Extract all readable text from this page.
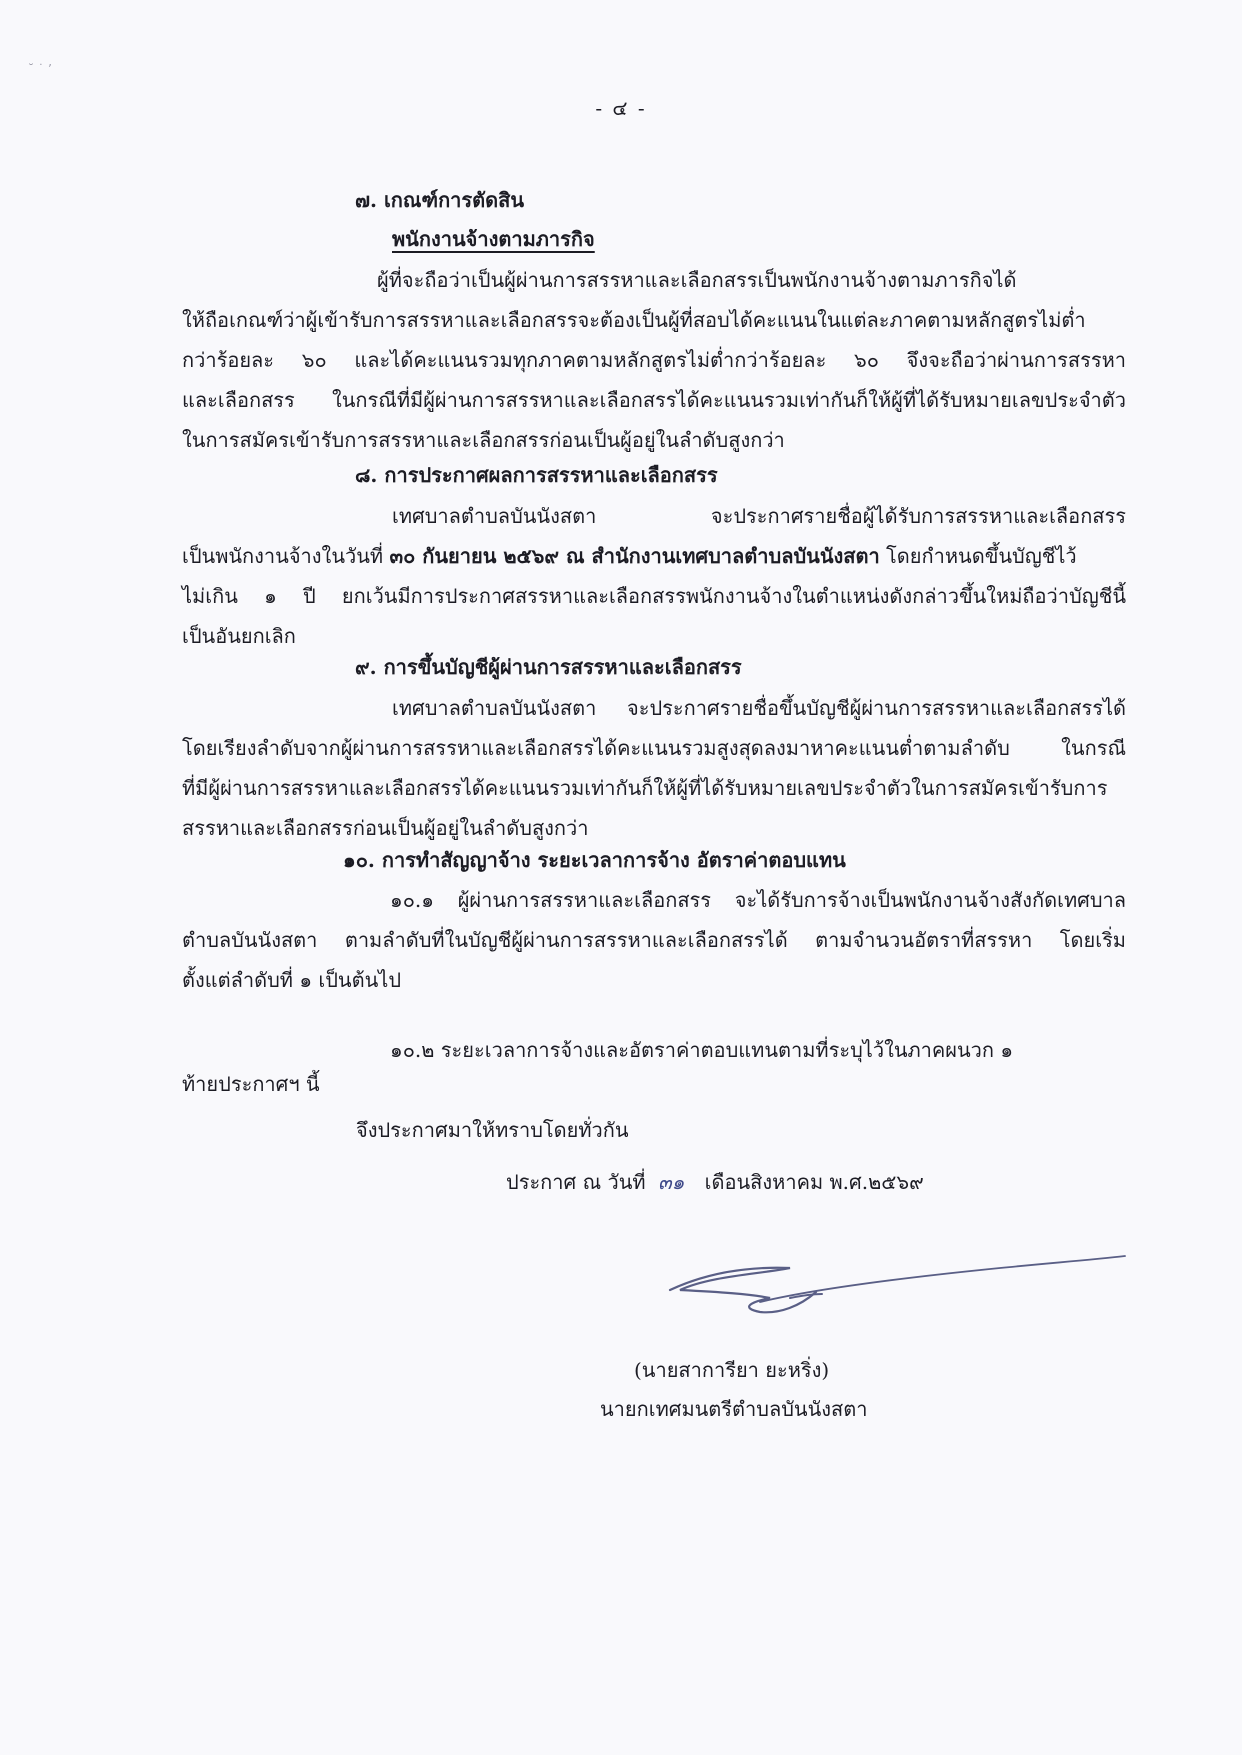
˘ ˙ ʼ
- ๔ -
๗. เกณฑ์การตัดสิน
พนักงานจ้างตามภารกิจ
ผู้ที่จะถือว่าเป็นผู้ผ่านการสรรหาและเลือกสรรเป็นพนักงานจ้างตามภารกิจได้
ให้ถือเกณฑ์ว่าผู้เข้ารับการสรรหาและเลือกสรรจะต้องเป็นผู้ที่สอบได้คะแนนในแต่ละภาคตามหลักสูตรไม่ต่ำ
กว่าร้อยละ ๖๐ และได้คะแนนรวมทุกภาคตามหลักสูตรไม่ต่ำกว่าร้อยละ ๖๐ จึงจะถือว่าผ่านการสรรหา
และเลือกสรร ในกรณีที่มีผู้ผ่านการสรรหาและเลือกสรรได้คะแนนรวมเท่ากันก็ให้ผู้ที่ได้รับหมายเลขประจำตัว
ในการสมัครเข้ารับการสรรหาและเลือกสรรก่อนเป็นผู้อยู่ในลำดับสูงกว่า
๘. การประกาศผลการสรรหาและเลือกสรร
เทศบาลตำบลบันนังสตา จะประกาศรายชื่อผู้ได้รับการสรรหาและเลือกสรร
เป็นพนักงานจ้างในวันที่ ๓๐ กันยายน ๒๕๖๙ ณ สำนักงานเทศบาลตำบลบันนังสตา โดยกำหนดขึ้นบัญชีไว้
ไม่เกิน ๑ ปี ยกเว้นมีการประกาศสรรหาและเลือกสรรพนักงานจ้างในตำแหน่งดังกล่าวขึ้นใหม่ถือว่าบัญชีนี้
เป็นอันยกเลิก
๙. การขึ้นบัญชีผู้ผ่านการสรรหาและเลือกสรร
เทศบาลตำบลบันนังสตา จะประกาศรายชื่อขึ้นบัญชีผู้ผ่านการสรรหาและเลือกสรรได้
โดยเรียงลำดับจากผู้ผ่านการสรรหาและเลือกสรรได้คะแนนรวมสูงสุดลงมาหาคะแนนต่ำตามลำดับ ในกรณี
ที่มีผู้ผ่านการสรรหาและเลือกสรรได้คะแนนรวมเท่ากันก็ให้ผู้ที่ได้รับหมายเลขประจำตัวในการสมัครเข้ารับการ
สรรหาและเลือกสรรก่อนเป็นผู้อยู่ในลำดับสูงกว่า
๑๐. การทำสัญญาจ้าง ระยะเวลาการจ้าง อัตราค่าตอบแทน
๑๐.๑ ผู้ผ่านการสรรหาและเลือกสรร จะได้รับการจ้างเป็นพนักงานจ้างสังกัดเทศบาล
ตำบลบันนังสตา ตามลำดับที่ในบัญชีผู้ผ่านการสรรหาและเลือกสรรได้ ตามจำนวนอัตราที่สรรหา โดยเริ่ม
ตั้งแต่ลำดับที่ ๑ เป็นต้นไป
๑๐.๒ ระยะเวลาการจ้างและอัตราค่าตอบแทนตามที่ระบุไว้ในภาคผนวก ๑
ท้ายประกาศฯ นี้
จึงประกาศมาให้ทราบโดยทั่วกัน
ประกาศ ณ วันที่ ๓๑ เดือนสิงหาคม พ.ศ.๒๕๖๙
(นายสาการียา ยะหริ่ง)
นายกเทศมนตรีตำบลบันนังสตา
